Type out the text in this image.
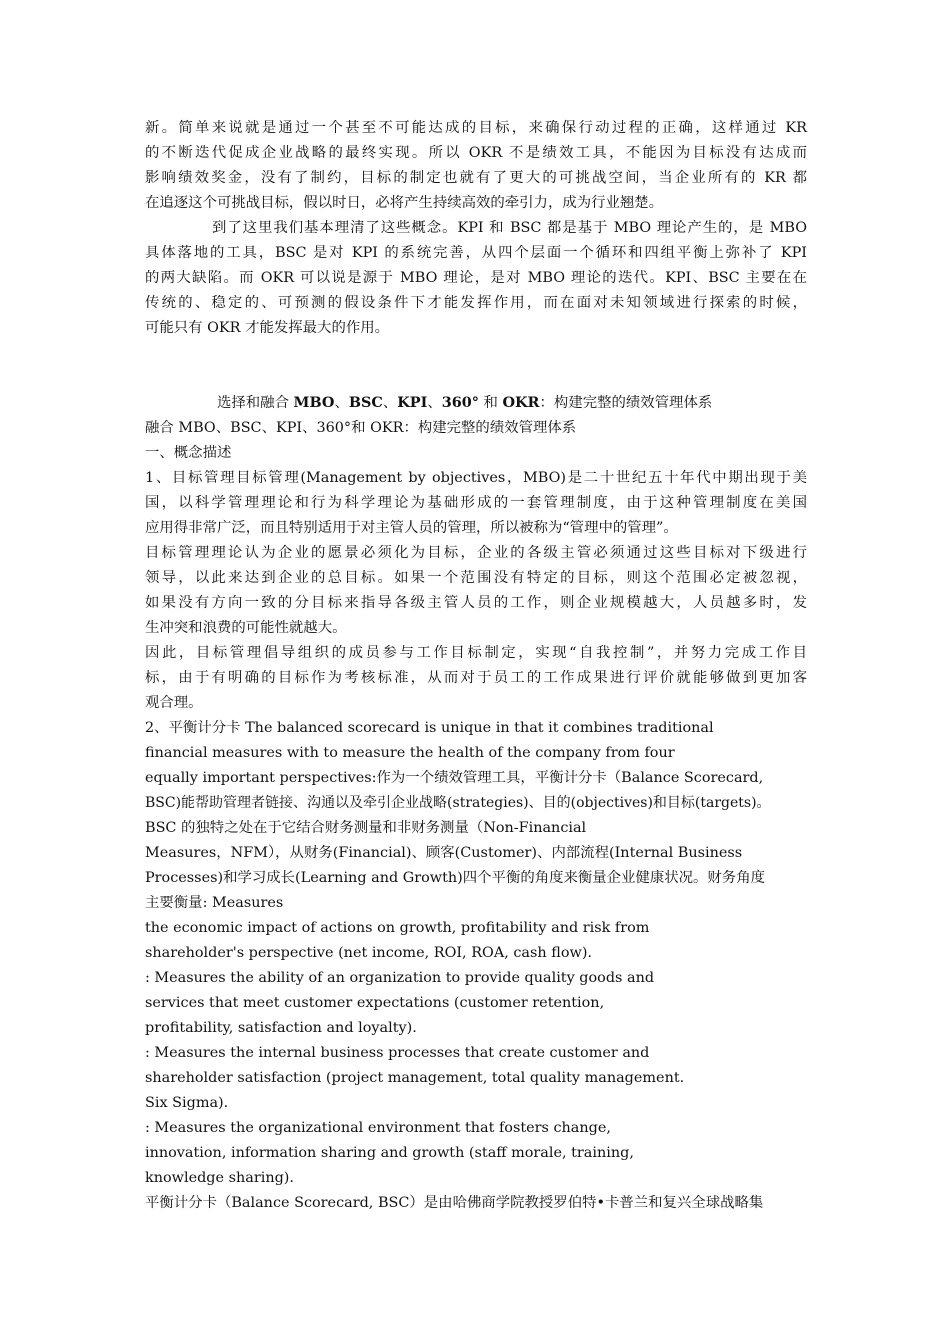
新。简单来说就是通过一个甚至不可能达成的目标，来确保行动过程的正确，这样通过 KR
的不断迭代促成企业战略的最终实现。所以 OKR 不是绩效工具，不能因为目标没有达成而
影响绩效奖金，没有了制约，目标的制定也就有了更大的可挑战空间，当企业所有的 KR 都
在追逐这个可挑战目标，假以时日，必将产生持续高效的牵引力，成为行业翘楚。
到了这里我们基本理清了这些概念。KPI 和 BSC 都是基于 MBO 理论产生的，是 MBO
具体落地的工具，BSC 是对 KPI 的系统完善，从四个层面一个循环和四组平衡上弥补了 KPI
的两大缺陷。而 OKR 可以说是源于 MBO 理论，是对 MBO 理论的迭代。KPI、BSC 主要在在
传统的、稳定的、可预测的假设条件下才能发挥作用，而在面对未知领域进行探索的时候，
可能只有 OKR 才能发挥最大的作用。
选择和融合 MBO、BSC、KPI、360° 和 OKR：构建完整的绩效管理体系
融合 MBO、BSC、KPI、360°和 OKR：构建完整的绩效管理体系
一、概念描述
1、目标管理目标管理(Management by objectives，MBO)是二十世纪五十年代中期出现于美
国，以科学管理理论和行为科学理论为基础形成的一套管理制度，由于这种管理制度在美国
应用得非常广泛，而且特别适用于对主管人员的管理，所以被称为“管理中的管理”。
目标管理理论认为企业的愿景必须化为目标，企业的各级主管必须通过这些目标对下级进行
领导，以此来达到企业的总目标。如果一个范围没有特定的目标，则这个范围必定被忽视，
如果没有方向一致的分目标来指导各级主管人员的工作，则企业规模越大，人员越多时，发
生冲突和浪费的可能性就越大。
因此，目标管理倡导组织的成员参与工作目标制定，实现“自我控制”，并努力完成工作目
标，由于有明确的目标作为考核标准，从而对于员工的工作成果进行评价就能够做到更加客
观合理。
2、平衡计分卡 The balanced scorecard is unique in that it combines traditional
financial measures with to measure the health of the company from four
equally important perspectives:作为一个绩效管理工具，平衡计分卡（Balance Scorecard,
BSC)能帮助管理者链接、沟通以及牵引企业战略(strategies)、目的(objectives)和目标(targets)。
BSC 的独特之处在于它结合财务测量和非财务测量（Non-Financial
Measures，NFM），从财务(Financial)、顾客(Customer)、内部流程(Internal Business
Processes)和学习成长(Learning and Growth)四个平衡的角度来衡量企业健康状况。财务角度
主要衡量: Measures
the economic impact of actions on growth, profitability and risk from
shareholder's perspective (net income, ROI, ROA, cash flow).
: Measures the ability of an organization to provide quality goods and
services that meet customer expectations (customer retention,
profitability, satisfaction and loyalty).
: Measures the internal business processes that create customer and
shareholder satisfaction (project management, total quality management.
Six Sigma).
: Measures the organizational environment that fosters change,
innovation, information sharing and growth (staff morale, training,
knowledge sharing).
平衡计分卡（Balance Scorecard, BSC）是由哈佛商学院教授罗伯特•卡普兰和复兴全球战略集
